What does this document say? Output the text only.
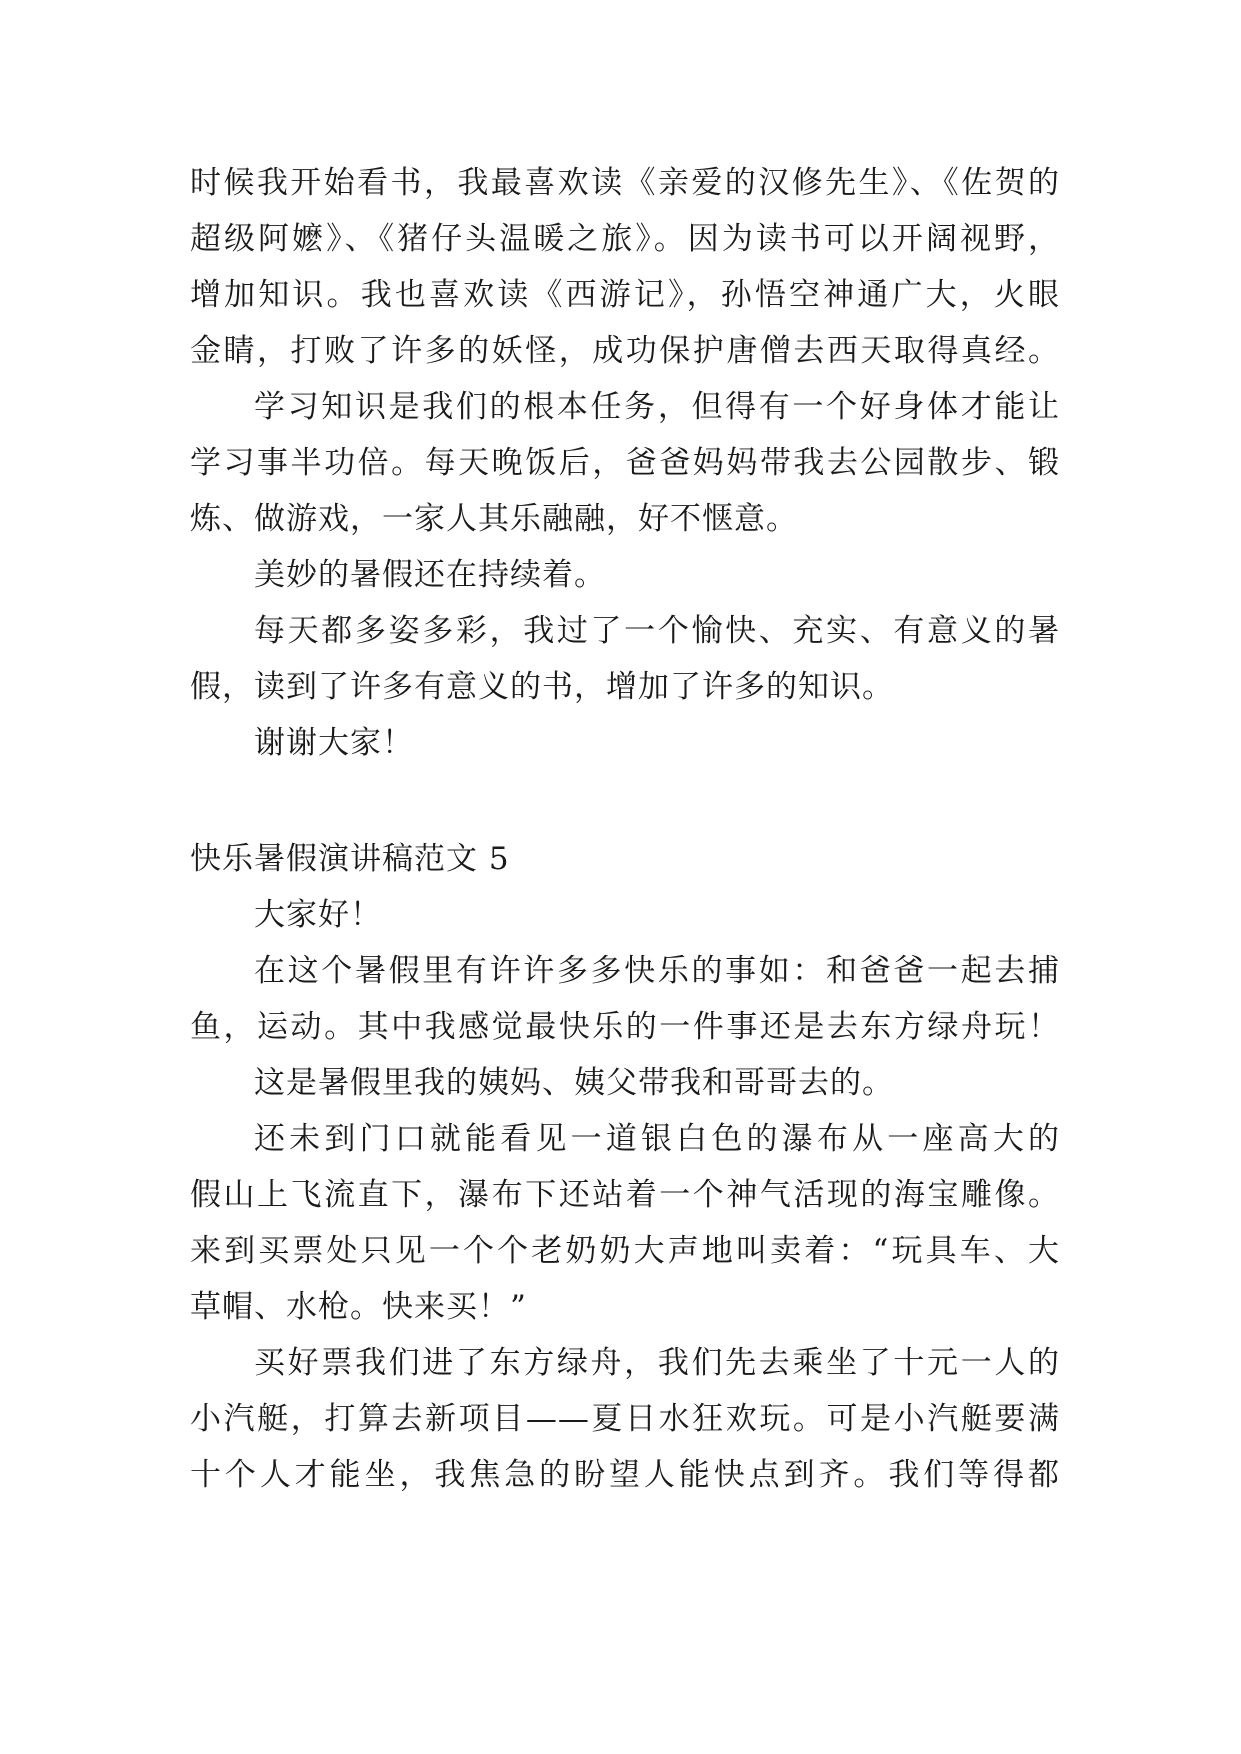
时候我开始看书，我最喜欢读《亲爱的汉修先生》、《佐贺的
超级阿嬷》、《猪仔头温暖之旅》。因为读书可以开阔视野，
增加知识。我也喜欢读《西游记》，孙悟空神通广大，火眼
金睛，打败了许多的妖怪，成功保护唐僧去西天取得真经。
学习知识是我们的根本任务，但得有一个好身体才能让
学习事半功倍。每天晚饭后，爸爸妈妈带我去公园散步、锻
炼、做游戏，一家人其乐融融，好不惬意。
美妙的暑假还在持续着。
每天都多姿多彩，我过了一个愉快、充实、有意义的暑
假，读到了许多有意义的书，增加了许多的知识。
谢谢大家！
快乐暑假演讲稿范文 5
大家好！
在这个暑假里有许许多多快乐的事如：和爸爸一起去捕
鱼，运动。其中我感觉最快乐的一件事还是去东方绿舟玩！
这是暑假里我的姨妈、姨父带我和哥哥去的。
还未到门口就能看见一道银白色的瀑布从一座高大的
假山上飞流直下，瀑布下还站着一个神气活现的海宝雕像。
来到买票处只见一个个老奶奶大声地叫卖着：“玩具车、大
草帽、水枪。快来买！”
买好票我们进了东方绿舟，我们先去乘坐了十元一人的
小汽艇，打算去新项目——夏日水狂欢玩。可是小汽艇要满
十个人才能坐，我焦急的盼望人能快点到齐。我们等得都
